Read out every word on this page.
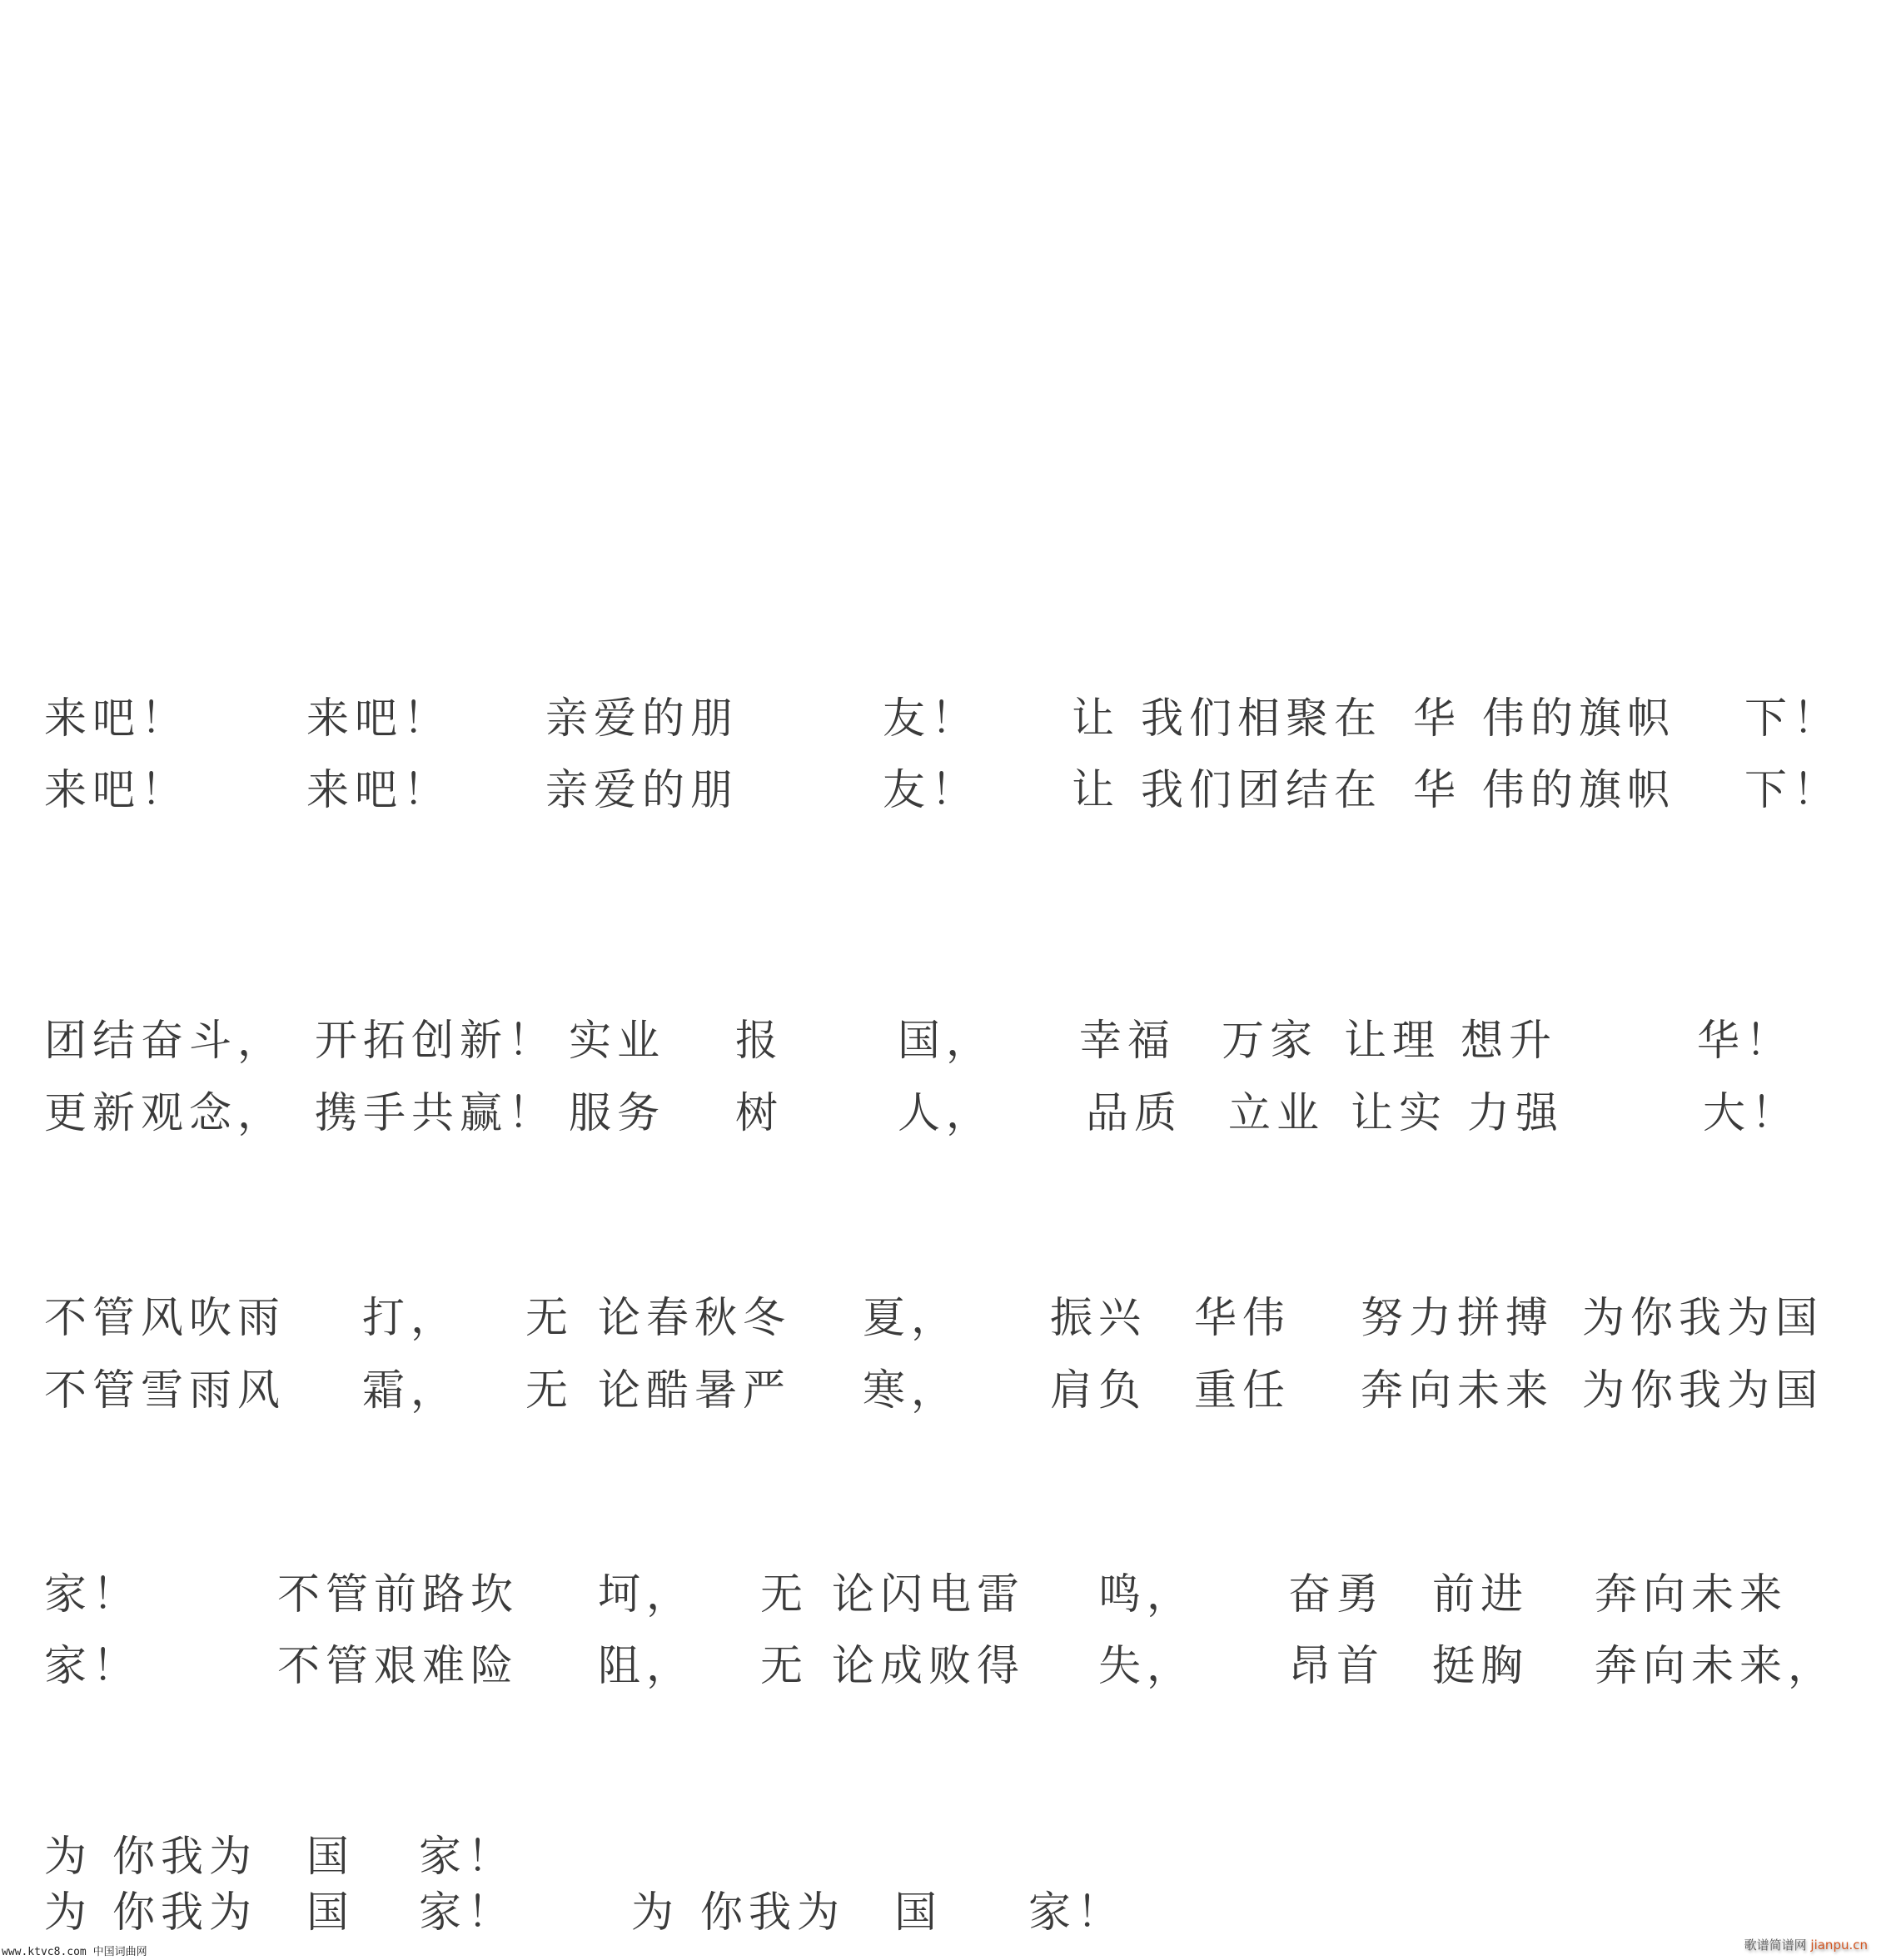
来吧！	来吧！ 亲爱的朋	友！ 让 我们相聚在 华 伟的旗帜 下！
来吧！	来吧！ 亲爱的朋	友！ 让 我们团结在 华 伟的旗帜 下！
团结奋斗， 开拓创新！ 实业 报	国， 幸福 万家 让理 想升	华！
更新观念， 携手共赢！ 服务 树	人， 品质 立业 让实 力强	大！
不管风吹雨 打， 无 论春秋冬 夏， 振兴 华伟 努力拼搏 为你我为国
不管雪雨风 霜， 无 论酷暑严 寒， 肩负 重任 奔向未来 为你我为国
家！	不管前路坎 坷， 无 论闪电雷 鸣， 奋勇 前进 奔向未来
家！	不管艰难险 阻， 无 论成败得 失， 昂首 挺胸 奔向未来，
为 你我为 国 家！
为 你我为 国 家！	为 你我为 国 家！
www.ktvc8.com 中国词曲网	歌谱简谱网 jianpu.cn
